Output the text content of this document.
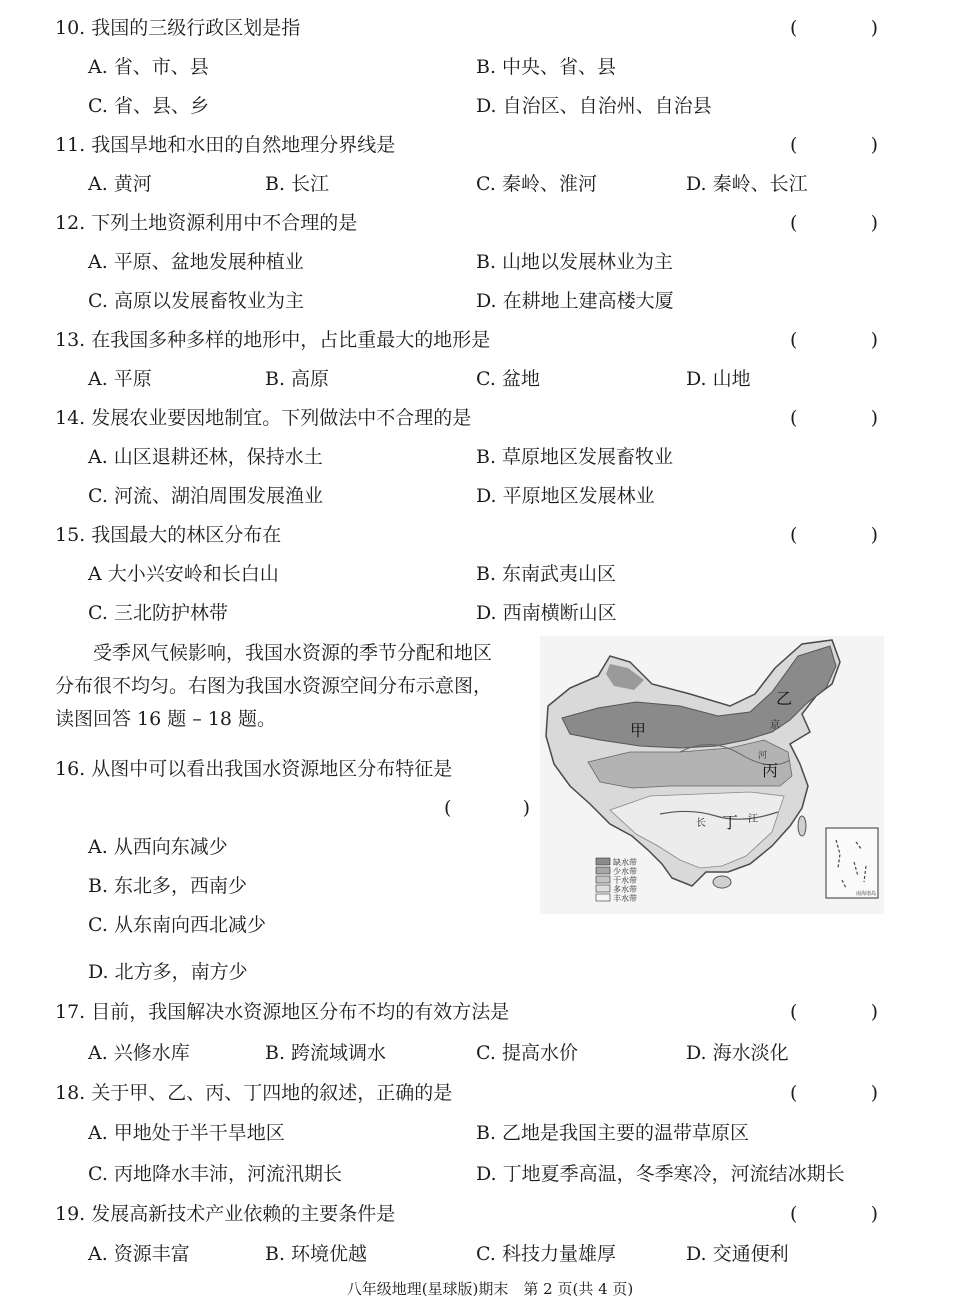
10. 我国的三级行政区划是指	(	)
A. 省、市、县	B. 中央、省、县
C. 省、县、乡	D. 自治区、自治州、自治县
11. 我国旱地和水田的自然地理分界线是	(	)
A. 黄河	B. 长江	C. 秦岭、淮河	D. 秦岭、长江
12. 下列土地资源利用中不合理的是	(	)
A. 平原、盆地发展种植业	B. 山地以发展林业为主
C. 高原以发展畜牧业为主	D. 在耕地上建高楼大厦
13. 在我国多种多样的地形中，占比重最大的地形是	(	)
A. 平原	B. 高原	C. 盆地	D. 山地
14. 发展农业要因地制宜。下列做法中不合理的是	(	)
A. 山区退耕还林，保持水土	B. 草原地区发展畜牧业
C. 河流、湖泊周围发展渔业	D. 平原地区发展林业
15. 我国最大的林区分布在	(	)
A 大小兴安岭和长白山	B. 东南武夷山区
C. 三北防护林带	D. 西南横断山区

受季风气候影响，我国水资源的季节分配和地区

分布很不均匀。右图为我国水资源空间分布示意图，

读图回答 16 题 – 18 题。

甲
乙
丙
丁
京
河
长	江
缺水带
少水带
干水带
多水带
丰水带	南海诸岛
16. 从图中可以看出我国水资源地区分布特征是
(	)
A. 从西向东减少
B. 东北多，西南少
C. 从东南向西北减少
D. 北方多，南方少
17. 目前，我国解决水资源地区分布不均的有效方法是	(	)
A. 兴修水库	B. 跨流域调水	C. 提高水价	D. 海水淡化
18. 关于甲、乙、丙、丁四地的叙述，正确的是	(	)
A. 甲地处于半干旱地区	B. 乙地是我国主要的温带草原区
C. 丙地降水丰沛，河流汛期长	D. 丁地夏季高温，冬季寒冷，河流结冰期长
19. 发展高新技术产业依赖的主要条件是	(	)
A. 资源丰富	B. 环境优越	C. 科技力量雄厚	D. 交通便利
八年级地理(星球版)期末　第 2 页(共 4 页)
